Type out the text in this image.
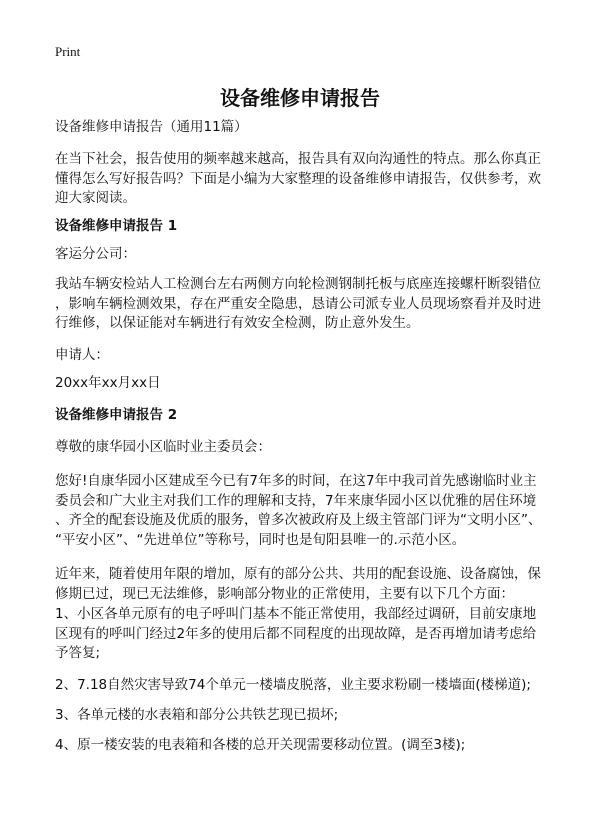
Print
设备维修申请报告
设备维修申请报告（通用11篇）
在当下社会，报告使用的频率越来越高，报告具有双向沟通性的特点。那么你真正
懂得怎么写好报告吗？下面是小编为大家整理的设备维修申请报告，仅供参考，欢
迎大家阅读。
设备维修申请报告 1
客运分公司：
我站车辆安检站人工检测台左右两侧方向轮检测钢制托板与底座连接螺杆断裂错位
，影响车辆检测效果，存在严重安全隐患，恳请公司派专业人员现场察看并及时进
行维修，以保证能对车辆进行有效安全检测，防止意外发生。
申请人：
20xx年xx月xx日
设备维修申请报告 2
尊敬的康华园小区临时业主委员会：
您好!自康华园小区建成至今已有7年多的时间，在这7年中我司首先感谢临时业主
委员会和广大业主对我们工作的理解和支持，7年来康华园小区以优雅的居住环境
、齐全的配套设施及优质的服务，曾多次被政府及上级主管部门评为“文明小区”、
“平安小区”、“先进单位”等称号，同时也是旬阳县唯一的.示范小区。
近年来，随着使用年限的增加，原有的部分公共、共用的配套设施、设备腐蚀，保
修期已过，现已无法维修，影响部分物业的正常使用，主要有以下几个方面：
1、小区各单元原有的电子呼叫门基本不能正常使用，我部经过调研，目前安康地
区现有的呼叫门经过2年多的使用后都不同程度的出现故障，是否再增加请考虑给
予答复;
2、7.18自然灾害导致74个单元一楼墙皮脱落，业主要求粉刷一楼墙面(楼梯道);
3、各单元楼的水表箱和部分公共铁艺现已损坏;
4、原一楼安装的电表箱和各楼的总开关现需要移动位置。(调至3楼);
